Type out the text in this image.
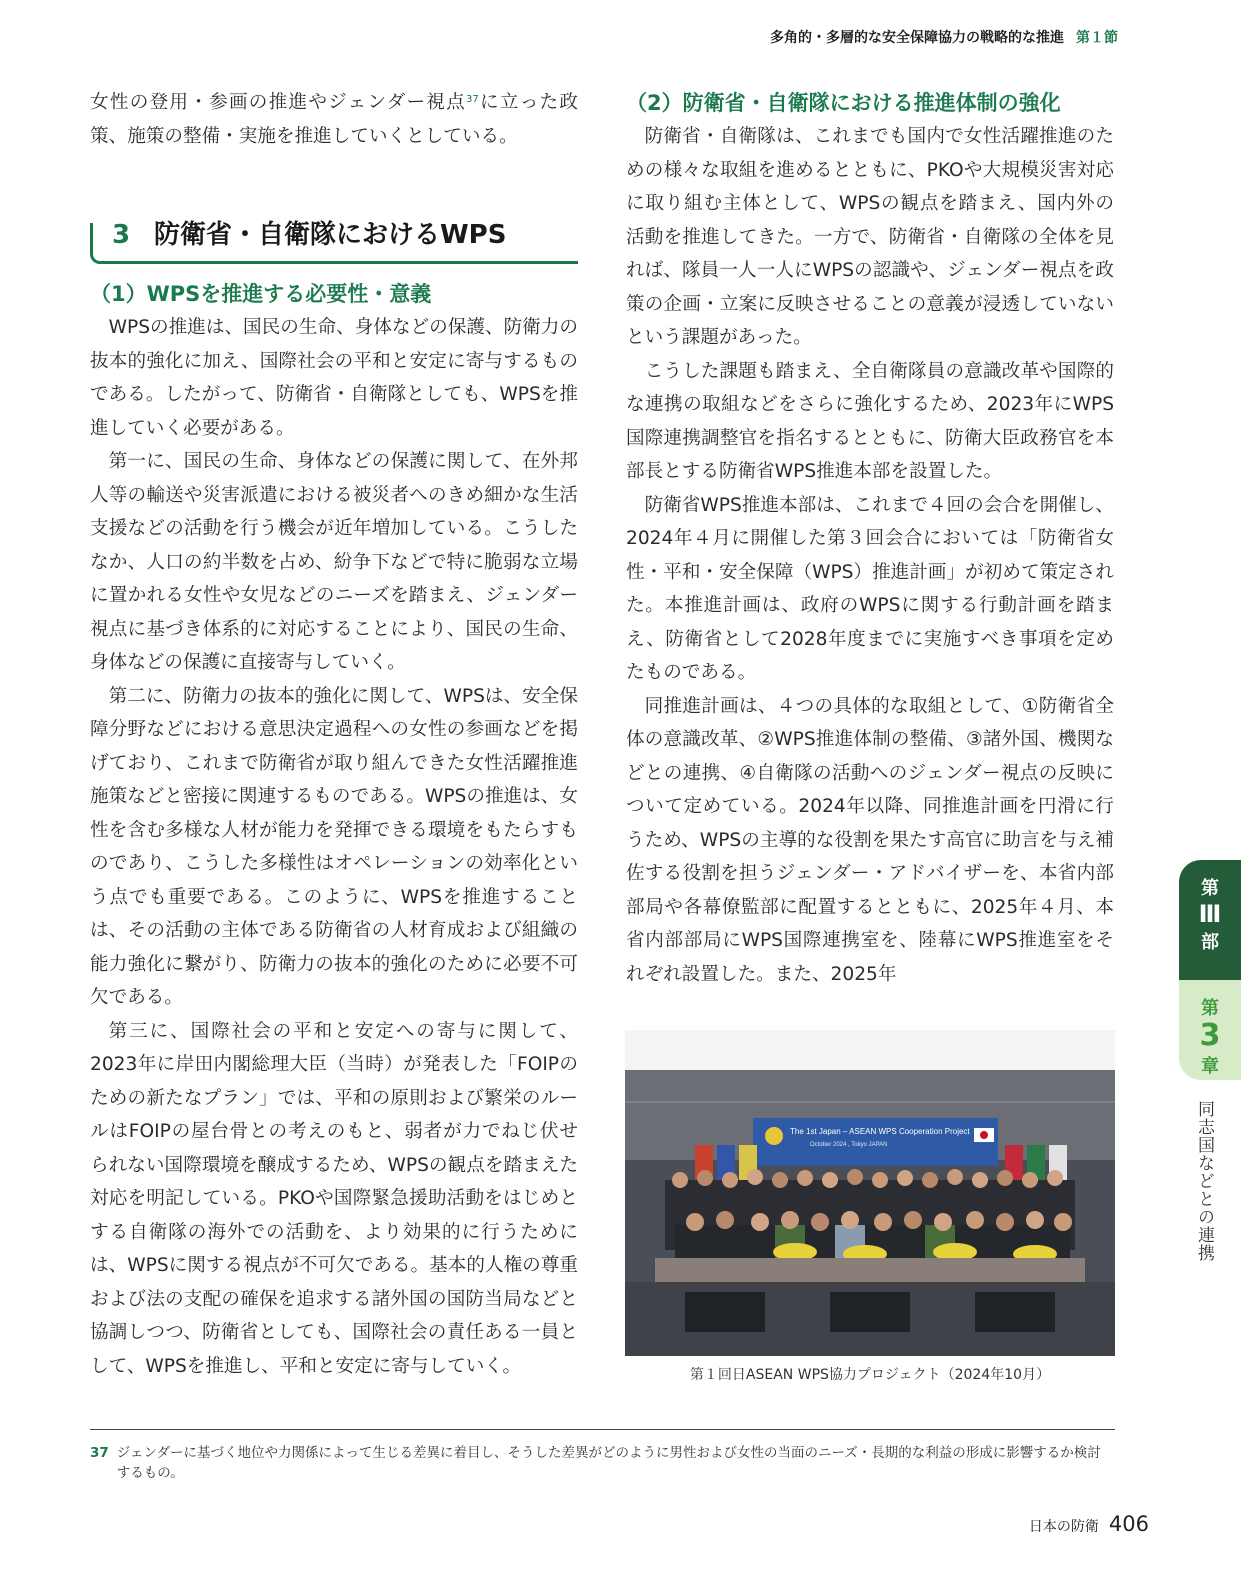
多角的・多層的な安全保障協力の戦略的な推進 第１節

女性の登用・参画の推進やジェンダー視点$^{37}$に立った政策、施策の整備・実施を推進していくとしている。

3 防衛省・自衛隊におけるWPS

（1）WPSを推進する必要性・意義

WPSの推進は、国民の生命、身体などの保護、防衛力の抜本的強化に加え、国際社会の平和と安定に寄与するものである。したがって、防衛省・自衛隊としても、WPSを推進していく必要がある。

第一に、国民の生命、身体などの保護に関して、在外邦人等の輸送や災害派遣における被災者へのきめ細かな生活支援などの活動を行う機会が近年増加している。こうしたなか、人口の約半数を占め、紛争下などで特に脆弱な立場に置かれる女性や女児などのニーズを踏まえ、ジェンダー視点に基づき体系的に対応することにより、国民の生命、身体などの保護に直接寄与していく。

第二に、防衛力の抜本的強化に関して、WPSは、安全保障分野などにおける意思決定過程への女性の参画などを掲げており、これまで防衛省が取り組んできた女性活躍推進施策などと密接に関連するものである。WPSの推進は、女性を含む多様な人材が能力を発揮できる環境をもたらすものであり、こうした多様性はオペレーションの効率化という点でも重要である。このように、WPSを推進することは、その活動の主体である防衛省の人材育成および組織の能力強化に繋がり、防衛力の抜本的強化のために必要不可欠である。

第三に、国際社会の平和と安定への寄与に関して、2023年に岸田内閣総理大臣（当時）が発表した「FOIPのための新たなプラン」では、平和の原則および繁栄のルールはFOIPの屋台骨との考えのもと、弱者が力でねじ伏せられない国際環境を醸成するため、WPSの観点を踏まえた対応を明記している。PKOや国際緊急援助活動をはじめとする自衛隊の海外での活動を、より効果的に行うためには、WPSに関する視点が不可欠である。基本的人権の尊重および法の支配の確保を追求する諸外国の国防当局などと協調しつつ、防衛省としても、国際社会の責任ある一員として、WPSを推進し、平和と安定に寄与していく。

（2）防衛省・自衛隊における推進体制の強化

防衛省・自衛隊は、これまでも国内で女性活躍推進のための様々な取組を進めるとともに、PKOや大規模災害対応に取り組む主体として、WPSの観点を踏まえ、国内外の活動を推進してきた。一方で、防衛省・自衛隊の全体を見れば、隊員一人一人にWPSの認識や、ジェンダー視点を政策の企画・立案に反映させることの意義が浸透していないという課題があった。

こうした課題も踏まえ、全自衛隊員の意識改革や国際的な連携の取組などをさらに強化するため、2023年にWPS国際連携調整官を指名するとともに、防衛大臣政務官を本部長とする防衛省WPS推進本部を設置した。

防衛省WPS推進本部は、これまで４回の会合を開催し、2024年４月に開催した第３回会合においては「防衛省女性・平和・安全保障（WPS）推進計画」が初めて策定された。本推進計画は、政府のWPSに関する行動計画を踏まえ、防衛省として2028年度までに実施すべき事項を定めたものである。

同推進計画は、４つの具体的な取組として、①防衛省全体の意識改革、②WPS推進体制の整備、③諸外国、機関などとの連携、④自衛隊の活動へのジェンダー視点の反映について定めている。2024年以降、同推進計画を円滑に行うため、WPSの主導的な役割を果たす高官に助言を与え補佐する役割を担うジェンダー・アドバイザーを、本省内部部局や各幕僚監部に配置するとともに、2025年４月、本省内部部局にWPS国際連携室を、陸幕にWPS推進室をそれぞれ設置した。また、2025年

The 1st Japan – ASEAN WPS Cooperation Project
October 2024 , Tokyo JAPAN
第１回日ASEAN WPS協力プロジェクト（2024年10月）
第
Ⅲ
部
第
3
章
同志国などとの連携
37 ジェンダーに基づく地位や力関係によって生じる差異に着目し、そうした差異がどのように男性および女性の当面のニーズ・長期的な利益の形成に影響するか検討するもの。
日本の防衛 406
